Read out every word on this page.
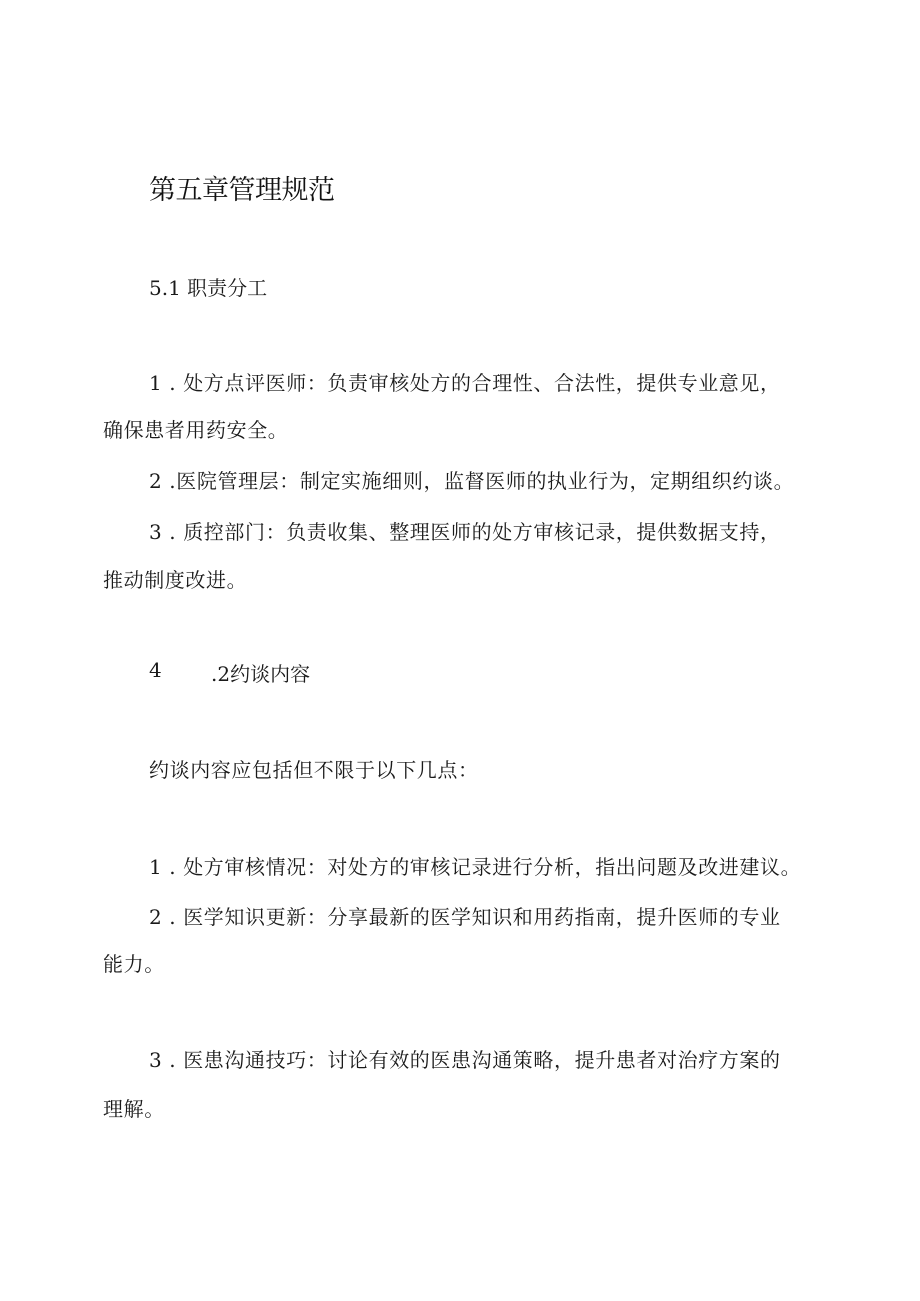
第五章管理规范
5.1 职责分工
1 . 处方点评医师：负责审核处方的合理性、合法性，提供专业意见，
确保患者用药安全。
2 .医院管理层：制定实施细则，监督医师的执业行为，定期组织约谈。
3 . 质控部门：负责收集、整理医师的处方审核记录，提供数据支持，
推动制度改进。
4 .2约谈内容
约谈内容应包括但不限于以下几点：
1 . 处方审核情况：对处方的审核记录进行分析，指出问题及改进建议。
2 . 医学知识更新：分享最新的医学知识和用药指南，提升医师的专业
能力。
3 . 医患沟通技巧：讨论有效的医患沟通策略，提升患者对治疗方案的
理解。
